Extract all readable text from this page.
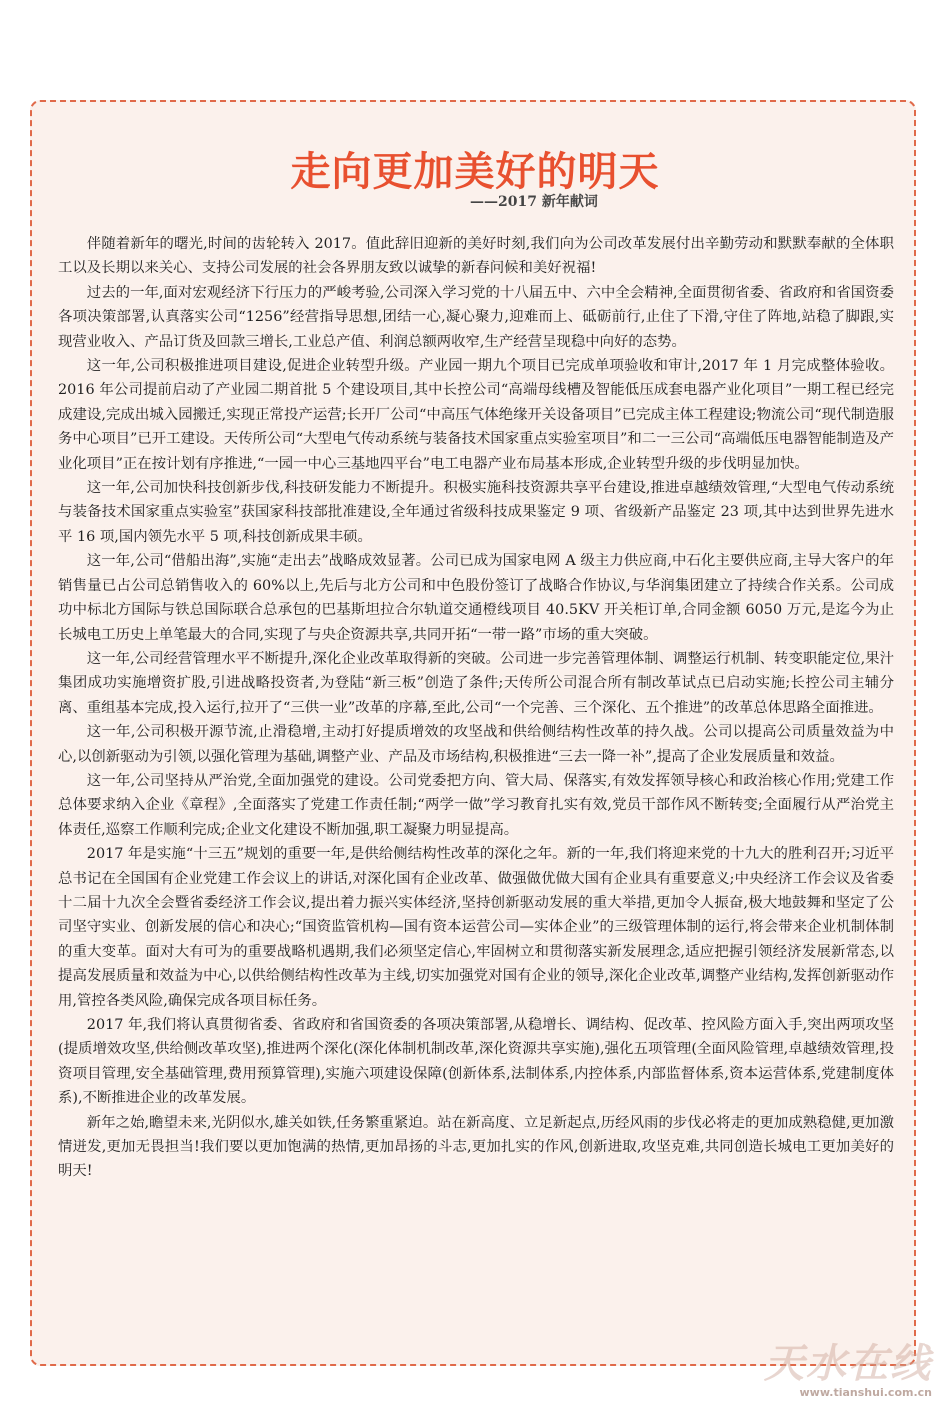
走向更加美好的明天
——2017 新年献词

伴随着新年的曙光,时间的齿轮转入 2017。值此辞旧迎新的美好时刻,我们向为公司改革发展付出辛勤劳动和默默奉献的全体职工以及长期以来关心、支持公司发展的社会各界朋友致以诚挚的新春问候和美好祝福!

过去的一年,面对宏观经济下行压力的严峻考验,公司深入学习党的十八届五中、六中全会精神,全面贯彻省委、省政府和省国资委各项决策部署,认真落实公司“1256”经营指导思想,团结一心,凝心聚力,迎难而上、砥砺前行,止住了下滑,守住了阵地,站稳了脚跟,实现营业收入、产品订货及回款三增长,工业总产值、利润总额两收窄,生产经营呈现稳中向好的态势。

这一年,公司积极推进项目建设,促进企业转型升级。产业园一期九个项目已完成单项验收和审计,2017 年 1 月完成整体验收。2016 年公司提前启动了产业园二期首批 5 个建设项目,其中长控公司“高端母线槽及智能低压成套电器产业化项目”一期工程已经完成建设,完成出城入园搬迁,实现正常投产运营;长开厂公司“中高压气体绝缘开关设备项目”已完成主体工程建设;物流公司“现代制造服务中心项目”已开工建设。天传所公司“大型电气传动系统与装备技术国家重点实验室项目”和二一三公司“高端低压电器智能制造及产业化项目”正在按计划有序推进,“一园一中心三基地四平台”电工电器产业布局基本形成,企业转型升级的步伐明显加快。

这一年,公司加快科技创新步伐,科技研发能力不断提升。积极实施科技资源共享平台建设,推进卓越绩效管理,“大型电气传动系统与装备技术国家重点实验室”获国家科技部批准建设,全年通过省级科技成果鉴定 9 项、省级新产品鉴定 23 项,其中达到世界先进水平 16 项,国内领先水平 5 项,科技创新成果丰硕。

这一年,公司“借船出海”,实施“走出去”战略成效显著。公司已成为国家电网 A 级主力供应商,中石化主要供应商,主导大客户的年销售量已占公司总销售收入的 60%以上,先后与北方公司和中色股份签订了战略合作协议,与华润集团建立了持续合作关系。公司成功中标北方国际与铁总国际联合总承包的巴基斯坦拉合尔轨道交通橙线项目 40.5KV 开关柜订单,合同金额 6050 万元,是迄今为止长城电工历史上单笔最大的合同,实现了与央企资源共享,共同开拓“一带一路”市场的重大突破。

这一年,公司经营管理水平不断提升,深化企业改革取得新的突破。公司进一步完善管理体制、调整运行机制、转变职能定位,果汁集团成功实施增资扩股,引进战略投资者,为登陆“新三板”创造了条件;天传所公司混合所有制改革试点已启动实施;长控公司主辅分离、重组基本完成,投入运行,拉开了“三供一业”改革的序幕,至此,公司“一个完善、三个深化、五个推进”的改革总体思路全面推进。

这一年,公司积极开源节流,止滑稳增,主动打好提质增效的攻坚战和供给侧结构性改革的持久战。公司以提高公司质量效益为中心,以创新驱动为引领,以强化管理为基础,调整产业、产品及市场结构,积极推进“三去一降一补”,提高了企业发展质量和效益。

这一年,公司坚持从严治党,全面加强党的建设。公司党委把方向、管大局、保落实,有效发挥领导核心和政治核心作用;党建工作总体要求纳入企业《章程》,全面落实了党建工作责任制;“两学一做”学习教育扎实有效,党员干部作风不断转变;全面履行从严治党主体责任,巡察工作顺利完成;企业文化建设不断加强,职工凝聚力明显提高。

2017 年是实施“十三五”规划的重要一年,是供给侧结构性改革的深化之年。新的一年,我们将迎来党的十九大的胜利召开;习近平总书记在全国国有企业党建工作会议上的讲话,对深化国有企业改革、做强做优做大国有企业具有重要意义;中央经济工作会议及省委十二届十九次全会暨省委经济工作会议,提出着力振兴实体经济,坚持创新驱动发展的重大举措,更加令人振奋,极大地鼓舞和坚定了公司坚守实业、创新发展的信心和决心;“国资监管机构—国有资本运营公司—实体企业”的三级管理体制的运行,将会带来企业机制体制的重大变革。面对大有可为的重要战略机遇期,我们必须坚定信心,牢固树立和贯彻落实新发展理念,适应把握引领经济发展新常态,以提高发展质量和效益为中心,以供给侧结构性改革为主线,切实加强党对国有企业的领导,深化企业改革,调整产业结构,发挥创新驱动作用,管控各类风险,确保完成各项目标任务。

2017 年,我们将认真贯彻省委、省政府和省国资委的各项决策部署,从稳增长、调结构、促改革、控风险方面入手,突出两项攻坚(提质增效攻坚,供给侧改革攻坚),推进两个深化(深化体制机制改革,深化资源共享实施),强化五项管理(全面风险管理,卓越绩效管理,投资项目管理,安全基础管理,费用预算管理),实施六项建设保障(创新体系,法制体系,内控体系,内部监督体系,资本运营体系,党建制度体系),不断推进企业的改革发展。

新年之始,瞻望未来,光阴似水,雄关如铁,任务繁重紧迫。站在新高度、立足新起点,历经风雨的步伐必将走的更加成熟稳健,更加激情迸发,更加无畏担当!我们要以更加饱满的热情,更加昂扬的斗志,更加扎实的作风,创新进取,攻坚克难,共同创造长城电工更加美好的明天!

天水在线
www.tianshui.com.cn
